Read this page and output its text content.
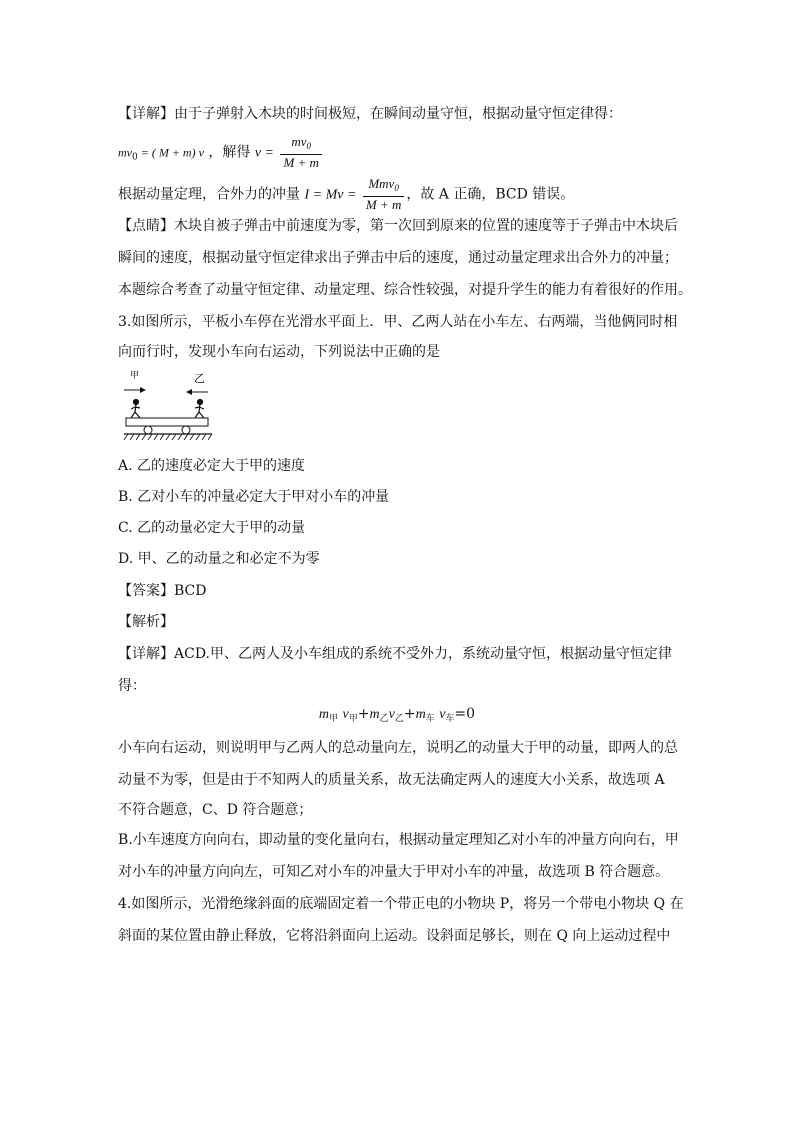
【详解】由于子弹射入木块的时间极短，在瞬间动量守恒，根据动量守恒定律得：
$mv_0$ = ( M + m) v ，解得 $v = \frac{mv_0}{M + m}$
根据动量定理，合外力的冲量 $I = Mv = \frac{Mmv_0}{M + m}$ ，故 A 正确，BCD 错误。
【点睛】木块自被子弹击中前速度为零，第一次回到原来的位置的速度等于子弹击中木块后
瞬间的速度，根据动量守恒定律求出子弹击中后的速度，通过动量定理求出合外力的冲量；
本题综合考查了动量守恒定律、动量定理、综合性较强，对提升学生的能力有着很好的作用。
3.如图所示，平板小车停在光滑水平面上．甲、乙两人站在小车左、右两端，当他俩同时相
向而行时，发现小车向右运动，下列说法中正确的是
甲	乙
A. 乙的速度必定大于甲的速度
B. 乙对小车的冲量必定大于甲对小车的冲量
C. 乙的动量必定大于甲的动量
D. 甲、乙的动量之和必定不为零
【答案】BCD
【解析】
【详解】ACD.甲、乙两人及小车组成的系统不受外力，系统动量守恒，根据动量守恒定律
得：
$m_甲$ $v_甲+m_乙v_乙+m_车$ $v_车=0$
小车向右运动，则说明甲与乙两人的总动量向左，说明乙的动量大于甲的动量，即两人的总
动量不为零，但是由于不知两人的质量关系，故无法确定两人的速度大小关系，故选项 A
不符合题意，C、D 符合题意；
B.小车速度方向向右，即动量的变化量向右，根据动量定理知乙对小车的冲量方向向右，甲
对小车的冲量方向向左，可知乙对小车的冲量大于甲对小车的冲量，故选项 B 符合题意。
4.如图所示，光滑绝缘斜面的底端固定着一个带正电的小物块 P，将另一个带电小物块 Q 在
斜面的某位置由静止释放，它将沿斜面向上运动。设斜面足够长，则在 Q 向上运动过程中
